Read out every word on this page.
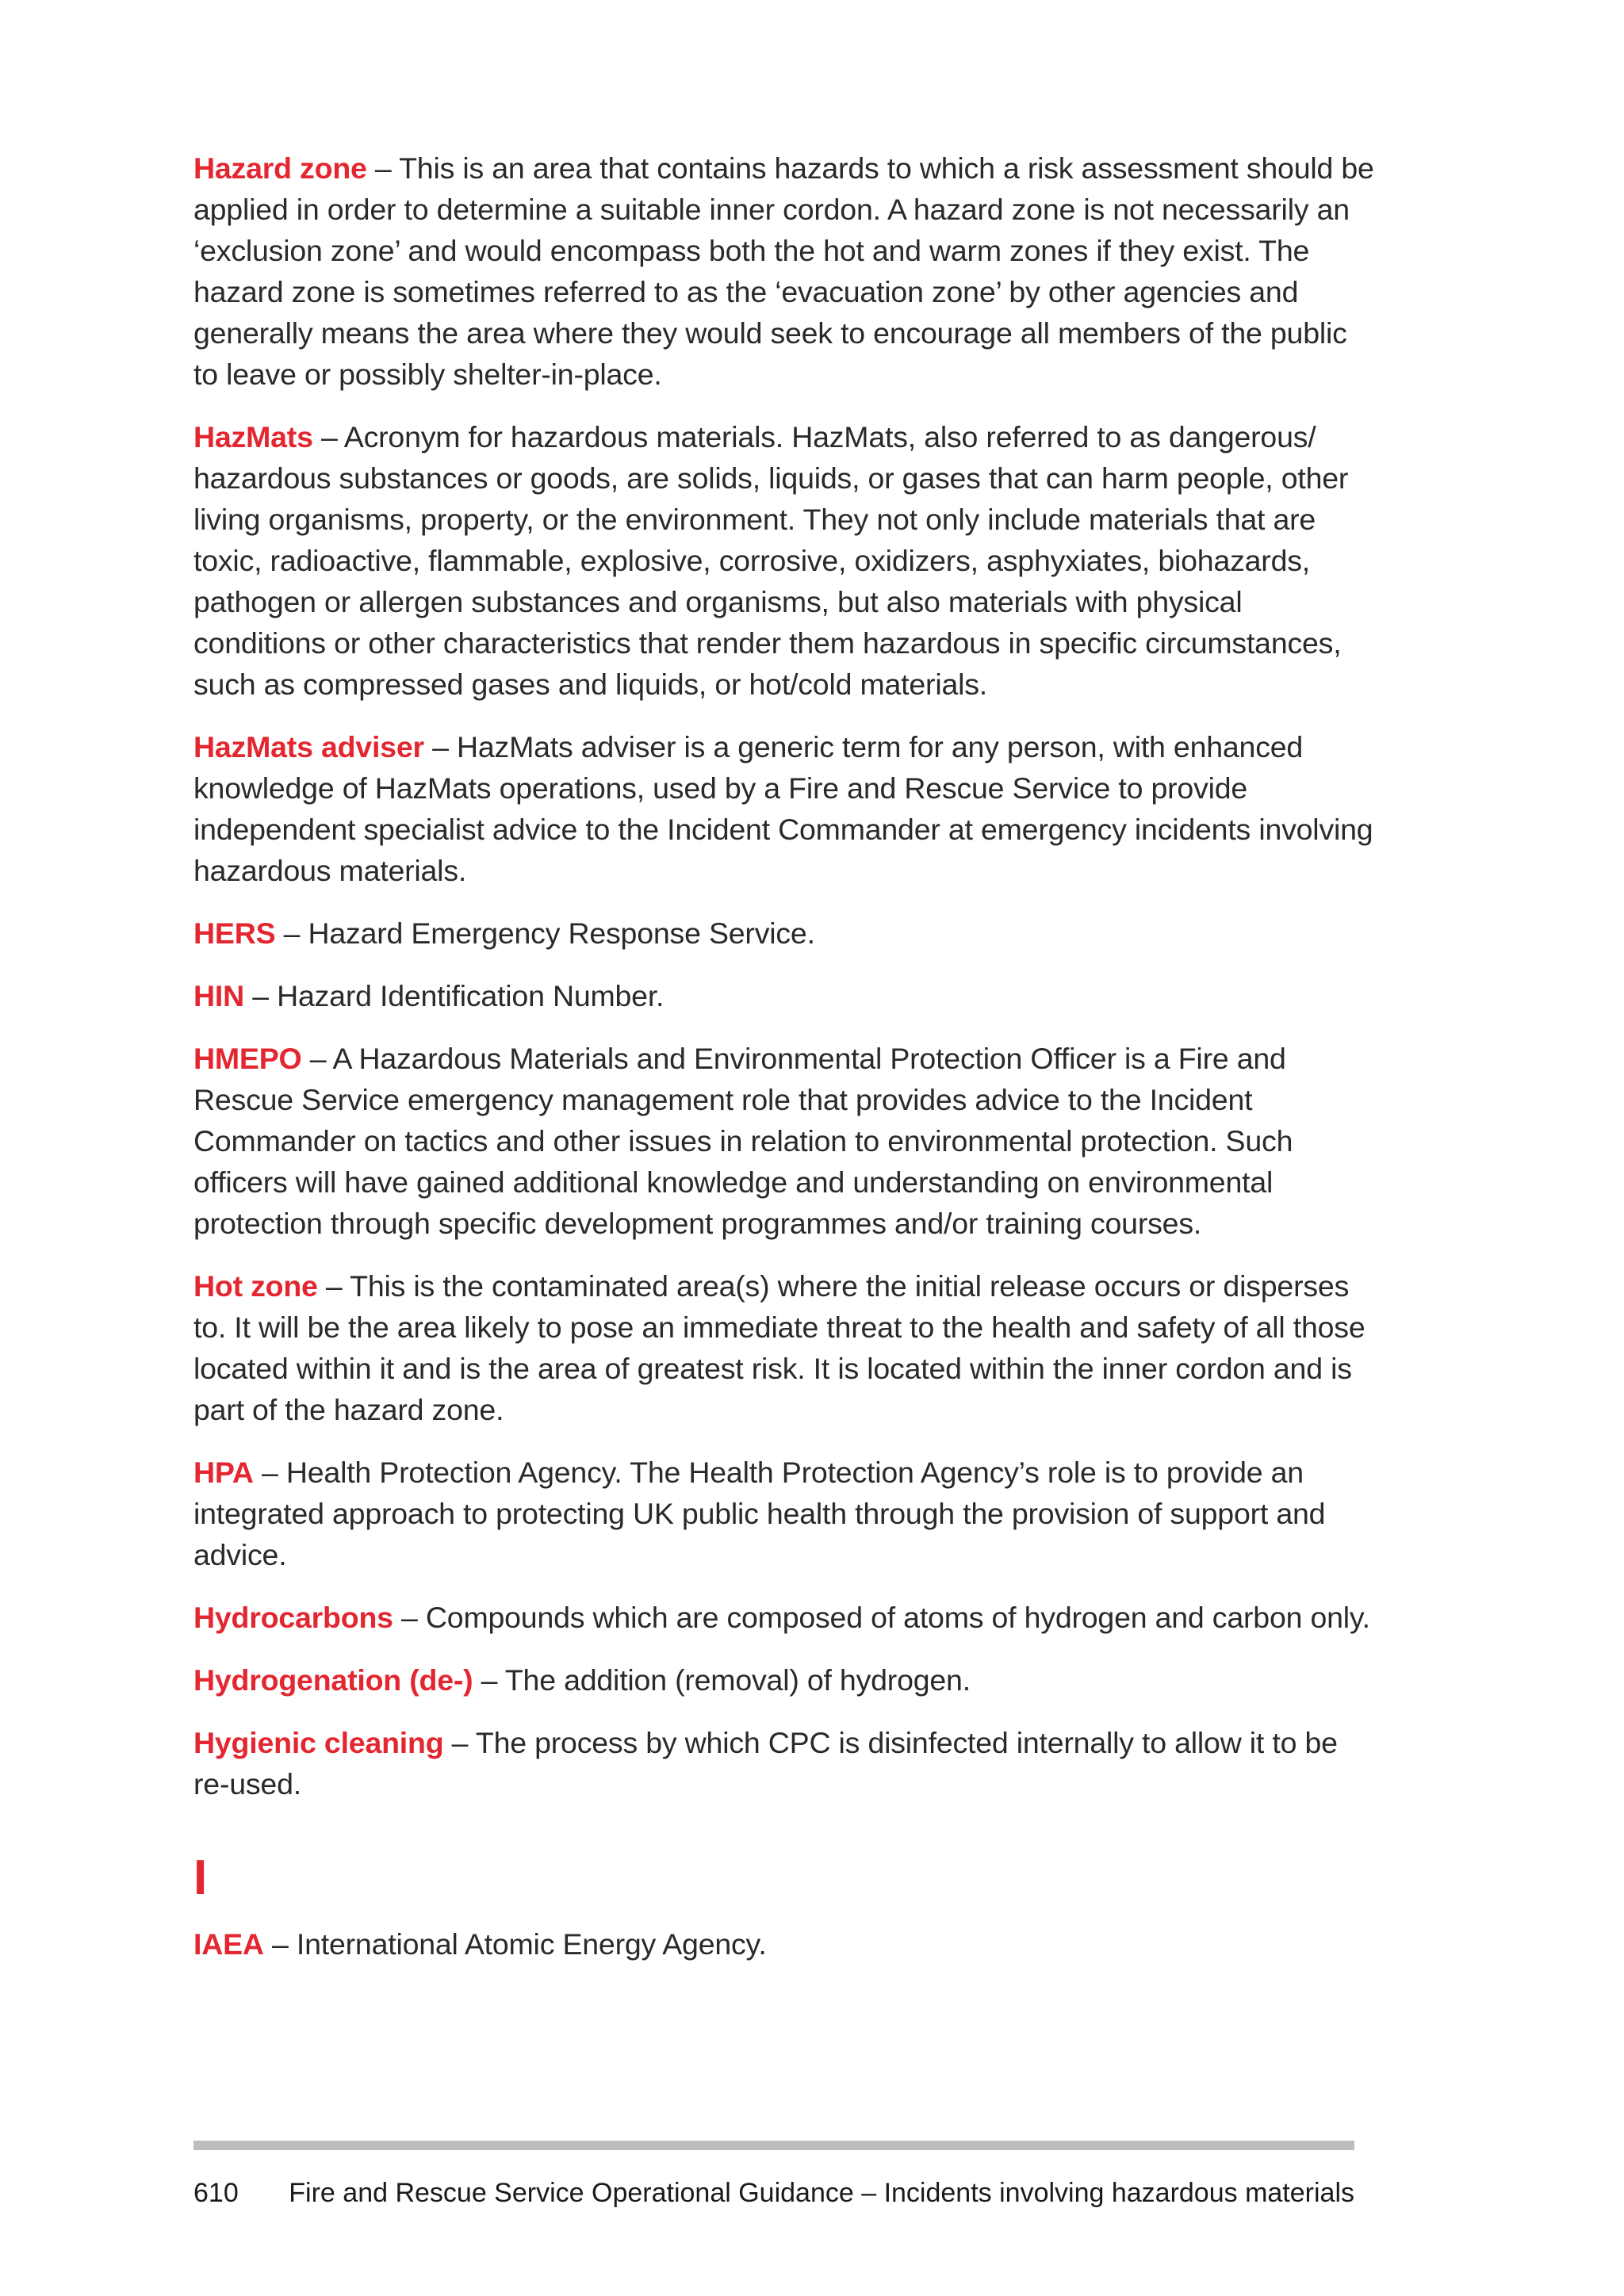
Hazard zone – This is an area that contains hazards to which a risk assessment should be applied in order to determine a suitable inner cordon. A hazard zone is not necessarily an ‘exclusion zone’ and would encompass both the hot and warm zones if they exist. The hazard zone is sometimes referred to as the ‘evacuation zone’ by other agencies and generally means the area where they would seek to encourage all members of the public to leave or possibly shelter-in-place.

HazMats – Acronym for hazardous materials. HazMats, also referred to as dangerous/ hazardous substances or goods, are solids, liquids, or gases that can harm people, other living organisms, property, or the environment. They not only include materials that are toxic, radioactive, flammable, explosive, corrosive, oxidizers, asphyxiates, biohazards, pathogen or allergen substances and organisms, but also materials with physical conditions or other characteristics that render them hazardous in specific circumstances, such as compressed gases and liquids, or hot/cold materials.

HazMats adviser – HazMats adviser is a generic term for any person, with enhanced knowledge of HazMats operations, used by a Fire and Rescue Service to provide independent specialist advice to the Incident Commander at emergency incidents involving hazardous materials.

HERS – Hazard Emergency Response Service.

HIN – Hazard Identification Number.

HMEPO – A Hazardous Materials and Environmental Protection Officer is a Fire and Rescue Service emergency management role that provides advice to the Incident Commander on tactics and other issues in relation to environmental protection. Such officers will have gained additional knowledge and understanding on environmental protection through specific development programmes and/or training courses.

Hot zone – This is the contaminated area(s) where the initial release occurs or disperses to. It will be the area likely to pose an immediate threat to the health and safety of all those located within it and is the area of greatest risk. It is located within the inner cordon and is part of the hazard zone.

HPA – Health Protection Agency. The Health Protection Agency’s role is to provide an integrated approach to protecting UK public health through the provision of support and advice.

Hydrocarbons – Compounds which are composed of atoms of hydrogen and carbon only.

Hydrogenation (de-) – The addition (removal) of hydrogen.

Hygienic cleaning – The process by which CPC is disinfected internally to allow it to be re-used.

I

IAEA – International Atomic Energy Agency.

610 Fire and Rescue Service Operational Guidance – Incidents involving hazardous materials
